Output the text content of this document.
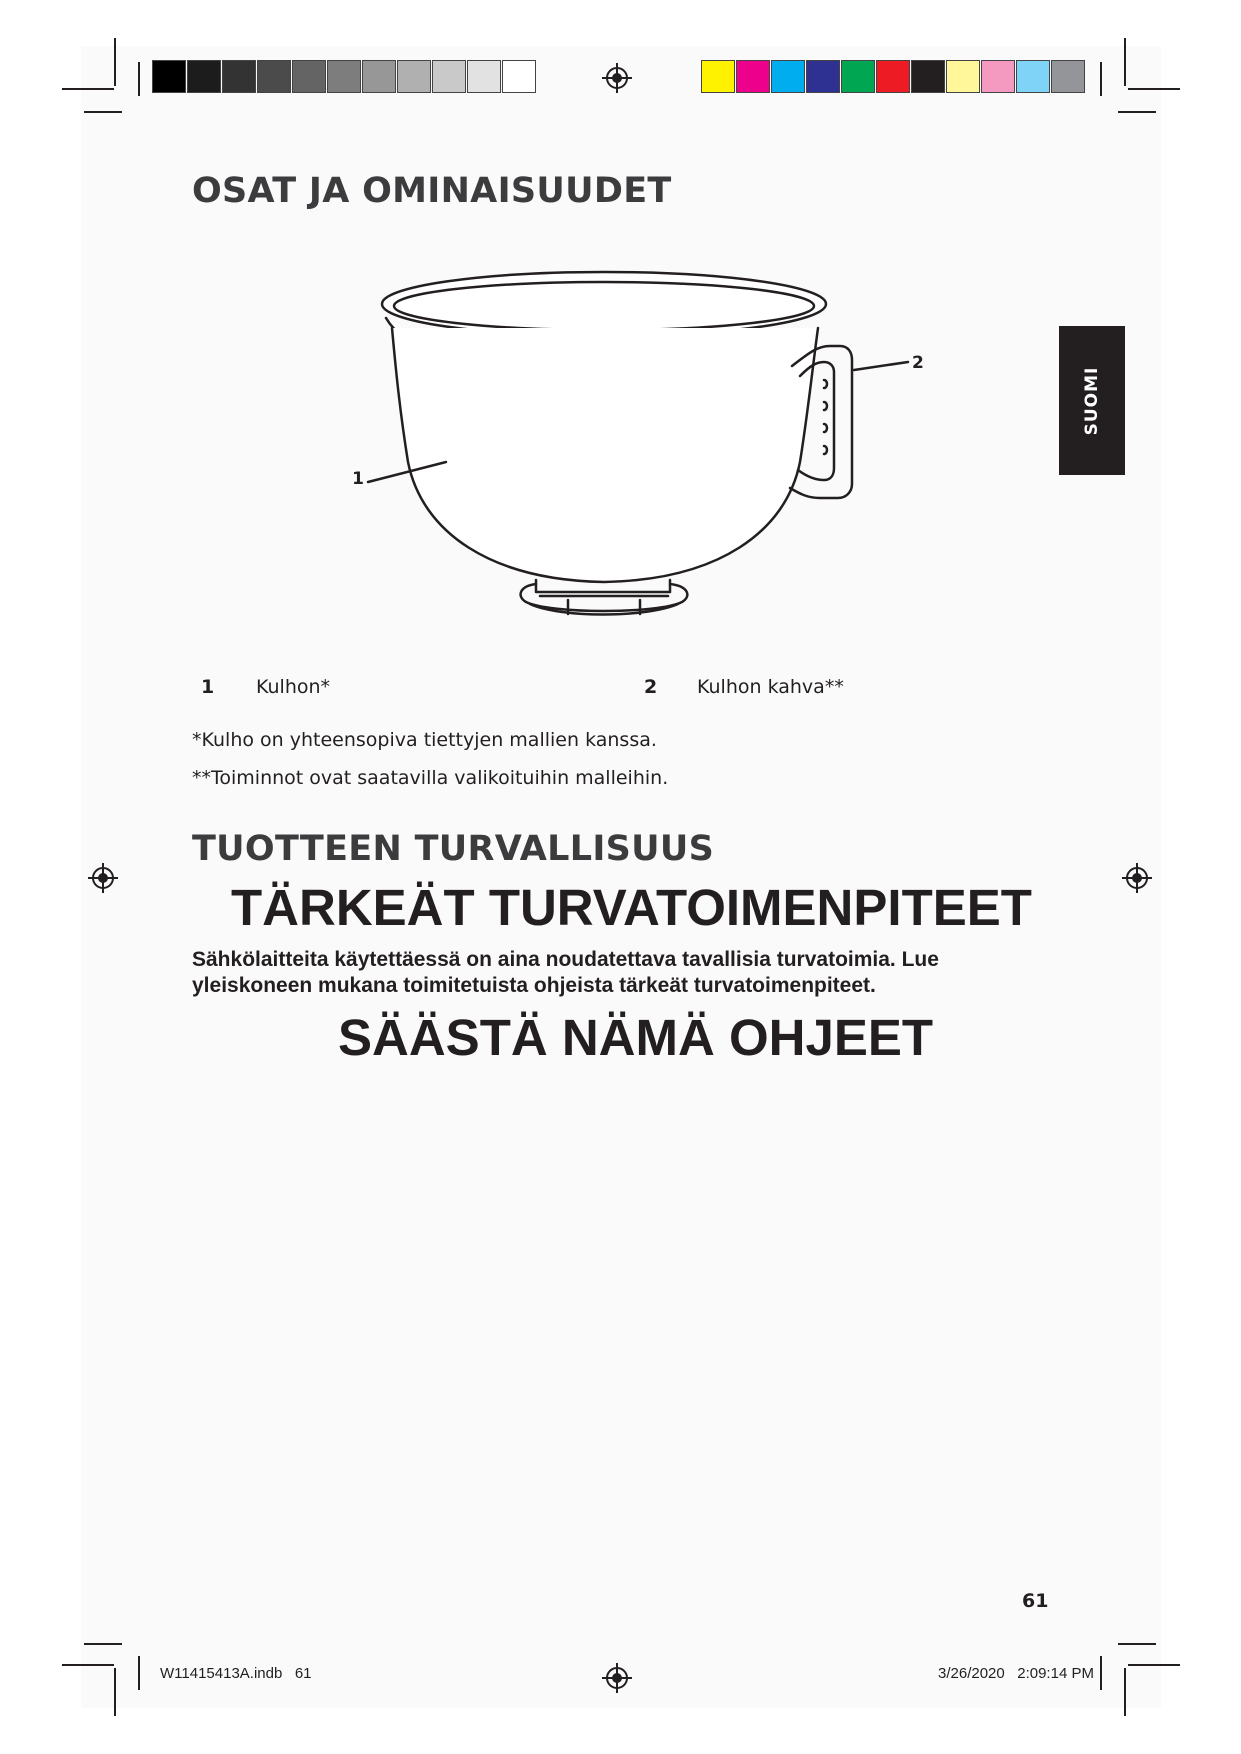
OSAT JA OMINAISUUDET
1
2
SUOMI
1 Kulhon*	2 Kulhon kahva**
*Kulho on yhteensopiva tiettyjen mallien kanssa.
**Toiminnot ovat saatavilla valikoituihin malleihin.
TUOTTEEN TURVALLISUUS
TÄRKEÄT TURVATOIMENPITEET
Sähkölaitteita käytettäessä on aina noudatettava tavallisia turvatoimia. Lue
yleiskoneen mukana toimitetuista ohjeista tärkeät turvatoimenpiteet.
SÄÄSTÄ NÄMÄ OHJEET
61
W11415413A.indb   61	3/26/2020   2:09:14 PM
